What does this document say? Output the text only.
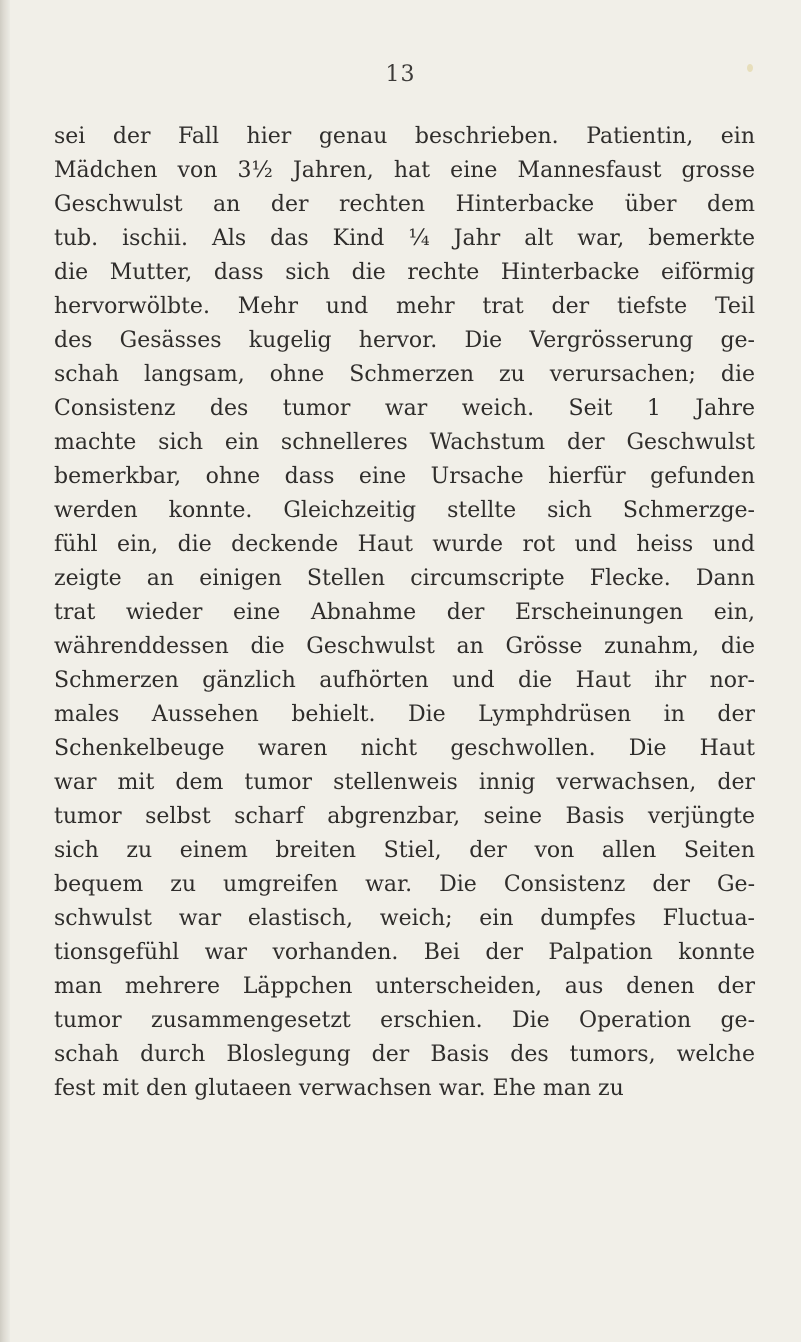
13
sei der Fall hier genau beschrieben. Patientin, ein
Mädchen von 3½ Jahren, hat eine Mannesfaust grosse
Geschwulst an der rechten Hinterbacke über dem
tub. ischii. Als das Kind ¼ Jahr alt war, bemerkte
die Mutter, dass sich die rechte Hinterbacke eiförmig
hervorwölbte. Mehr und mehr trat der tiefste Teil
des Gesässes kugelig hervor. Die Vergrösserung ge-
schah langsam, ohne Schmerzen zu verursachen; die
Consistenz des tumor war weich. Seit 1 Jahre
machte sich ein schnelleres Wachstum der Geschwulst
bemerkbar, ohne dass eine Ursache hierfür gefunden
werden konnte. Gleichzeitig stellte sich Schmerzge-
fühl ein, die deckende Haut wurde rot und heiss und
zeigte an einigen Stellen circumscripte Flecke. Dann
trat wieder eine Abnahme der Erscheinungen ein,
währenddessen die Geschwulst an Grösse zunahm, die
Schmerzen gänzlich aufhörten und die Haut ihr nor-
males Aussehen behielt. Die Lymphdrüsen in der
Schenkelbeuge waren nicht geschwollen. Die Haut
war mit dem tumor stellenweis innig verwachsen, der
tumor selbst scharf abgrenzbar, seine Basis verjüngte
sich zu einem breiten Stiel, der von allen Seiten
bequem zu umgreifen war. Die Consistenz der Ge-
schwulst war elastisch, weich; ein dumpfes Fluctua-
tionsgefühl war vorhanden. Bei der Palpation konnte
man mehrere Läppchen unterscheiden, aus denen der
tumor zusammengesetzt erschien. Die Operation ge-
schah durch Bloslegung der Basis des tumors, welche
fest mit den glutaeen verwachsen war. Ehe man zu
